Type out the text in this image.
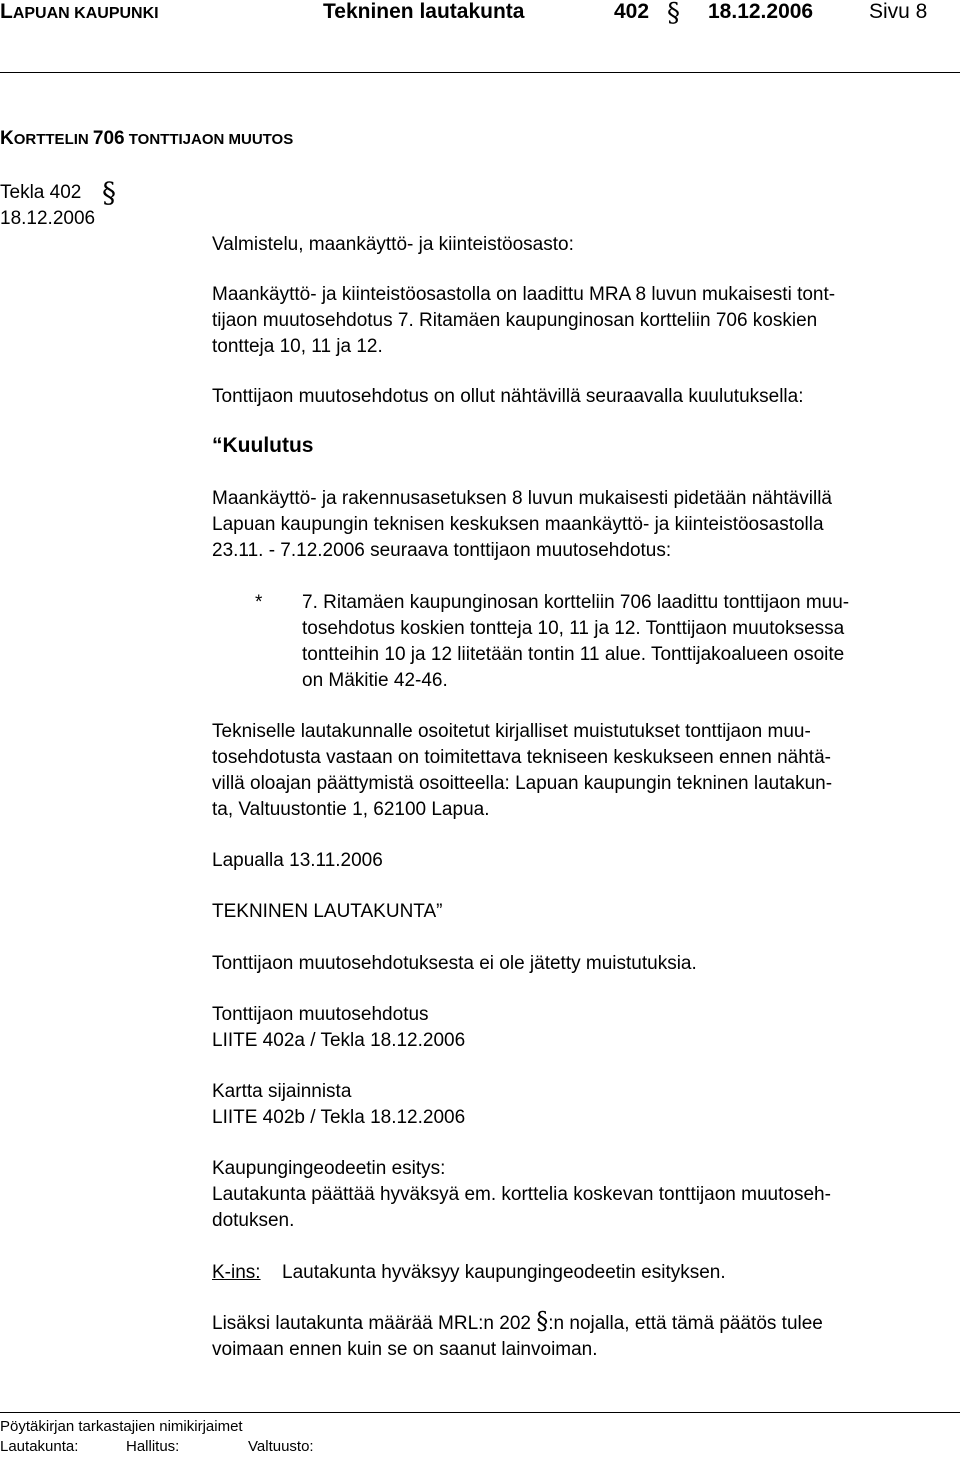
LAPUAN KAUPUNKI	Tekninen lautakunta	402 § 18.12.2006	Sivu 8
KORTTELIN 706 TONTTIJAON MUUTOS
Tekla 402 §
18.12.2006
Valmistelu, maankäyttö- ja kiinteistöosasto:
Maankäyttö- ja kiinteistöosastolla on laadittu MRA 8 luvun mukaisesti tont-
tijaon muutosehdotus 7. Ritamäen kaupunginosan kortteliin 706 koskien
tontteja 10, 11 ja 12.
Tonttijaon muutosehdotus on ollut nähtävillä seuraavalla kuulutuksella:
“Kuulutus
Maankäyttö- ja rakennusasetuksen 8 luvun mukaisesti pidetään nähtävillä
Lapuan kaupungin teknisen keskuksen maankäyttö- ja kiinteistöosastolla
23.11. - 7.12.2006 seuraava tonttijaon muutosehdotus:
* 7. Ritamäen kaupunginosan kortteliin 706 laadittu tonttijaon muu-
tosehdotus koskien tontteja 10, 11 ja 12. Tonttijaon muutoksessa
tontteihin 10 ja 12 liitetään tontin 11 alue. Tonttijakoalueen osoite
on Mäkitie 42-46.
Tekniselle lautakunnalle osoitetut kirjalliset muistutukset tonttijaon muu-
tosehdotusta vastaan on toimitettava tekniseen keskukseen ennen nähtä-
villä oloajan päättymistä osoitteella: Lapuan kaupungin tekninen lautakun-
ta, Valtuustontie 1, 62100 Lapua.
Lapualla 13.11.2006
TEKNINEN LAUTAKUNTA”
Tonttijaon muutosehdotuksesta ei ole jätetty muistutuksia.
Tonttijaon muutosehdotus
LIITE 402a / Tekla 18.12.2006
Kartta sijainnista
LIITE 402b / Tekla 18.12.2006
Kaupungingeodeetin esitys:
Lautakunta päättää hyväksyä em. korttelia koskevan tonttijaon muutoseh-
dotuksen.
K-ins: Lautakunta hyväksyy kaupungingeodeetin esityksen.
Lisäksi lautakunta määrää MRL:n 202 §:n nojalla, että tämä päätös tulee
voimaan ennen kuin se on saanut lainvoiman.
Pöytäkirjan tarkastajien nimikirjaimet
Lautakunta:	Hallitus:	Valtuusto:
